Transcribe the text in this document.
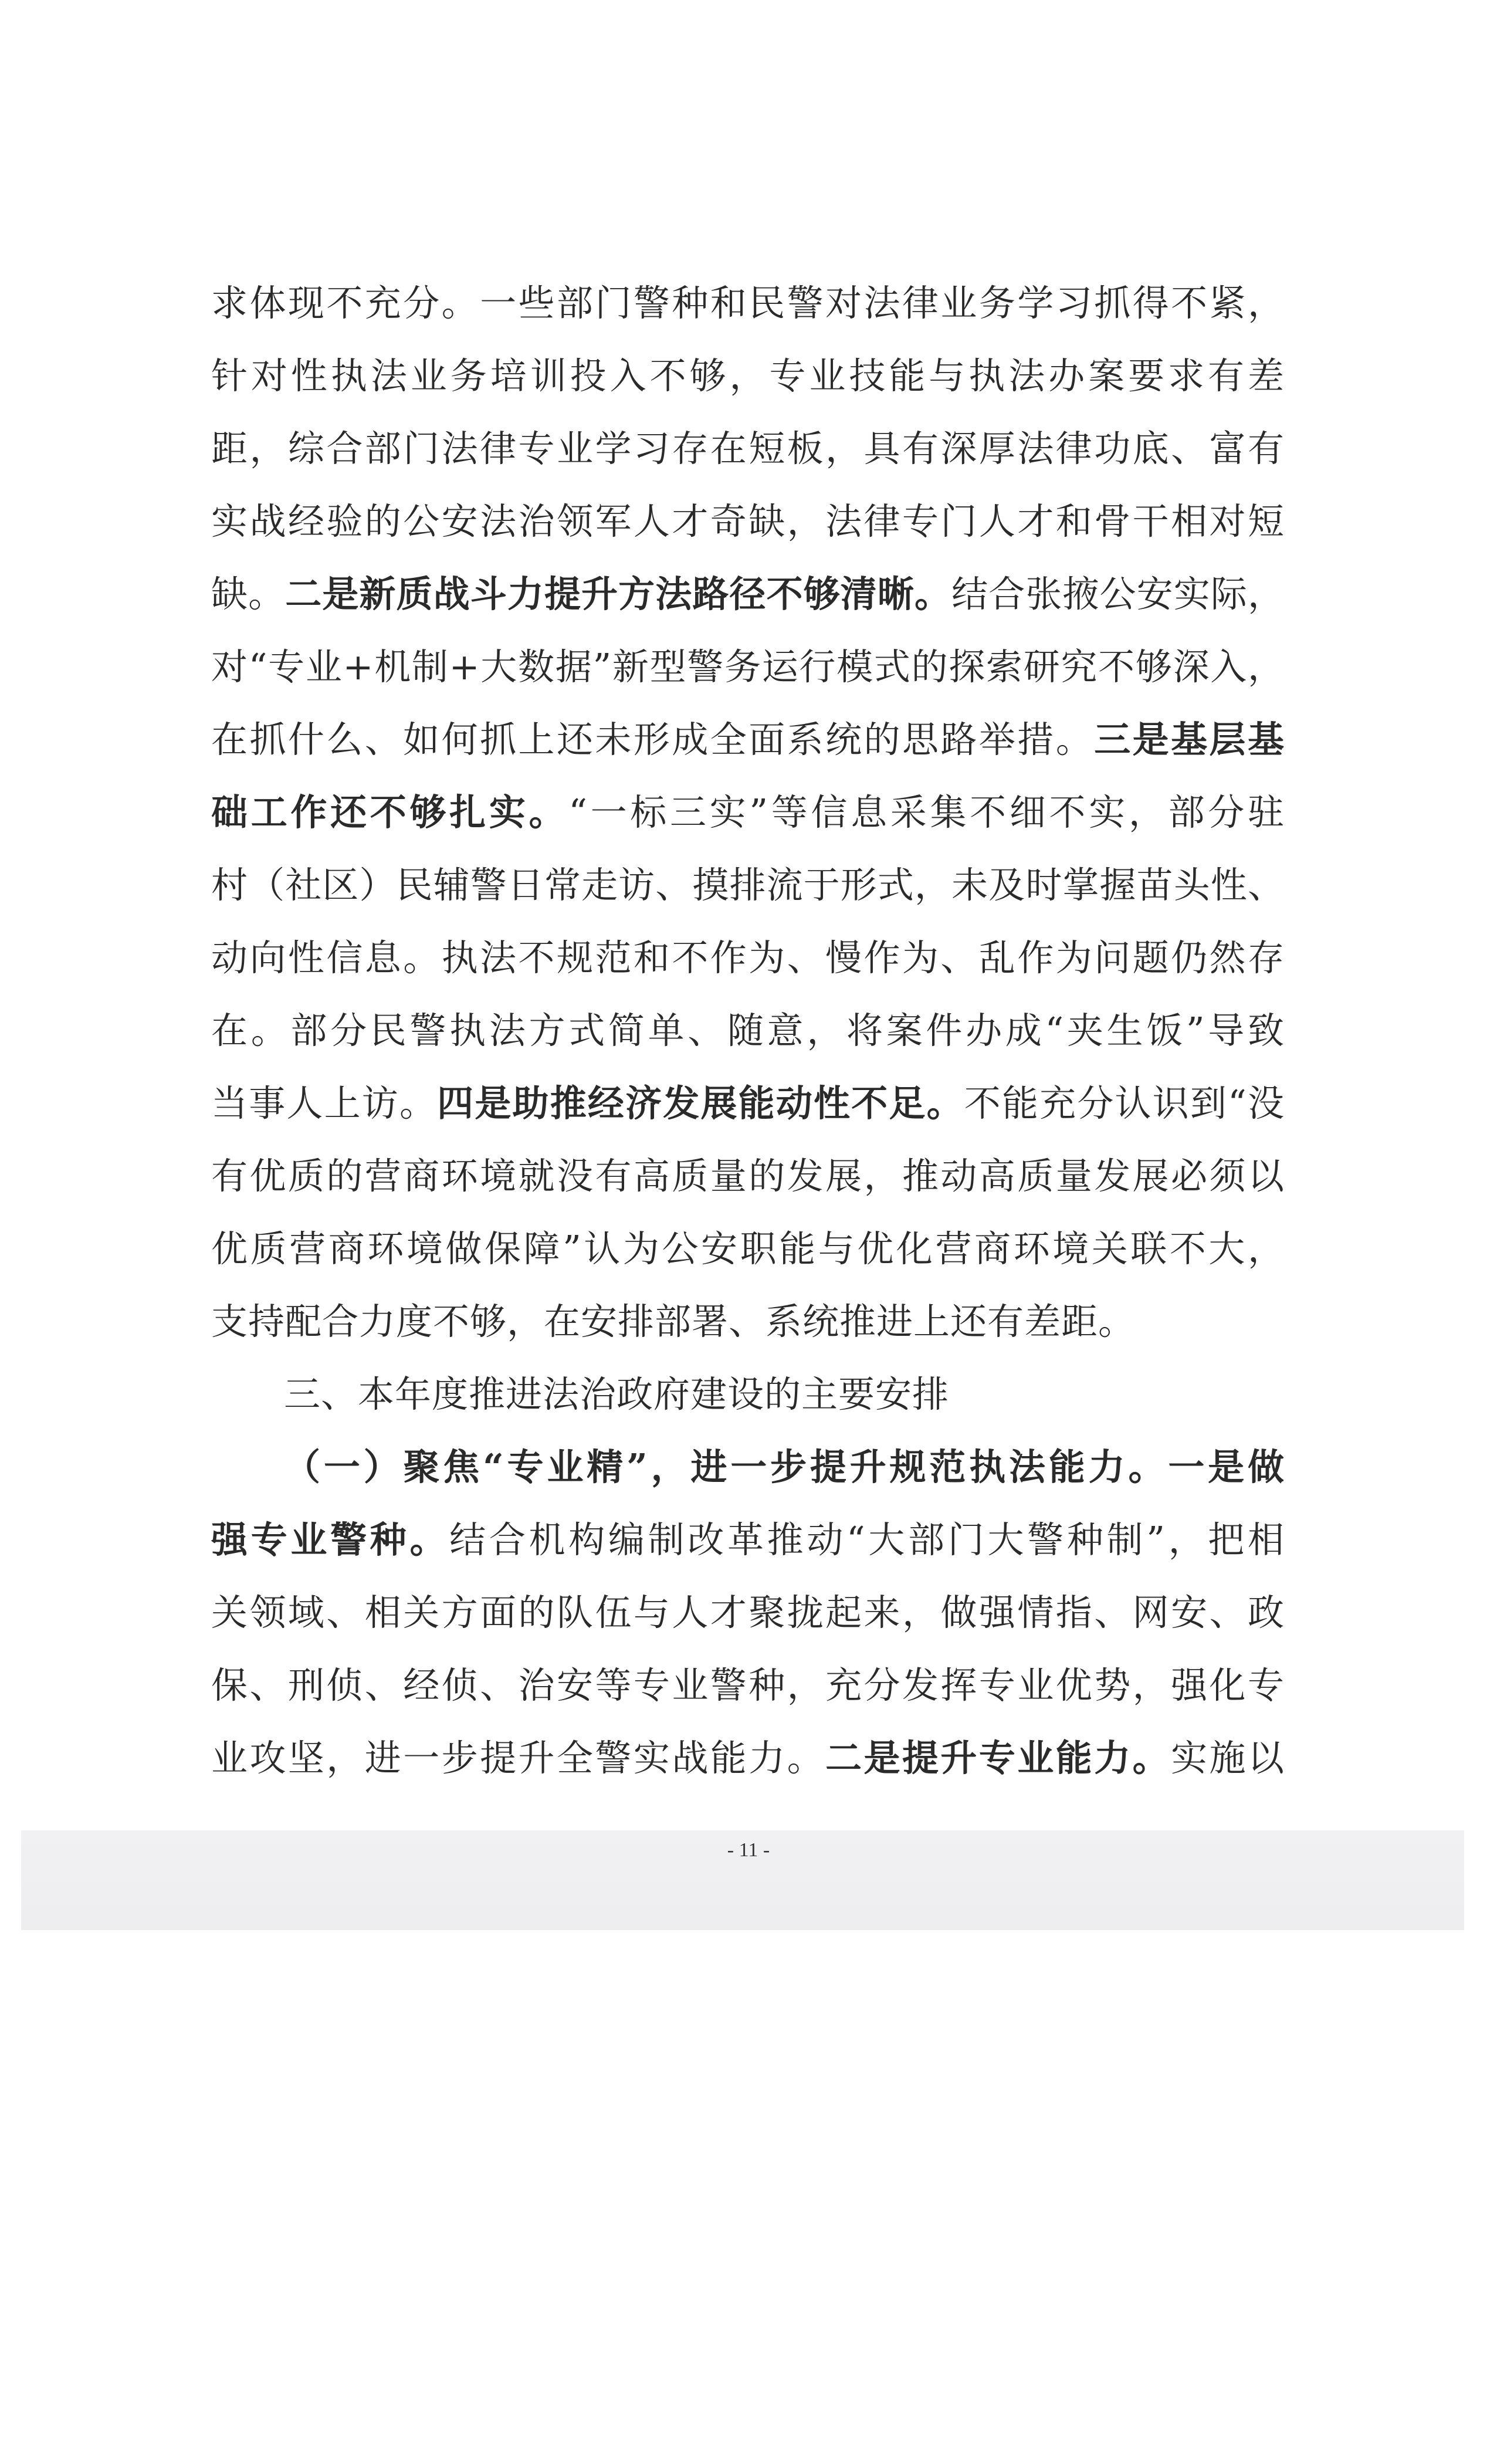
求体现不充分。一些部门警种和民警对法律业务学习抓得不紧，
针对性执法业务培训投入不够，专业技能与执法办案要求有差
距，综合部门法律专业学习存在短板，具有深厚法律功底、富有
实战经验的公安法治领军人才奇缺，法律专门人才和骨干相对短
缺。二是新质战斗力提升方法路径不够清晰。结合张掖公安实际，
对“专业+机制+大数据”新型警务运行模式的探索研究不够深入，
在抓什么、如何抓上还未形成全面系统的思路举措。三是基层基
础工作还不够扎实。“一标三实”等信息采集不细不实，部分驻
村（社区）民辅警日常走访、摸排流于形式，未及时掌握苗头性、
动向性信息。执法不规范和不作为、慢作为、乱作为问题仍然存
在。部分民警执法方式简单、随意，将案件办成“夹生饭”导致
当事人上访。四是助推经济发展能动性不足。不能充分认识到“没
有优质的营商环境就没有高质量的发展，推动高质量发展必须以
优质营商环境做保障”认为公安职能与优化营商环境关联不大，
支持配合力度不够，在安排部署、系统推进上还有差距。
三、本年度推进法治政府建设的主要安排
（一）聚焦“专业精”，进一步提升规范执法能力。一是做
强专业警种。结合机构编制改革推动“大部门大警种制”，把相
关领域、相关方面的队伍与人才聚拢起来，做强情指、网安、政
保、刑侦、经侦、治安等专业警种，充分发挥专业优势，强化专
业攻坚，进一步提升全警实战能力。二是提升专业能力。实施以
- 11 -
